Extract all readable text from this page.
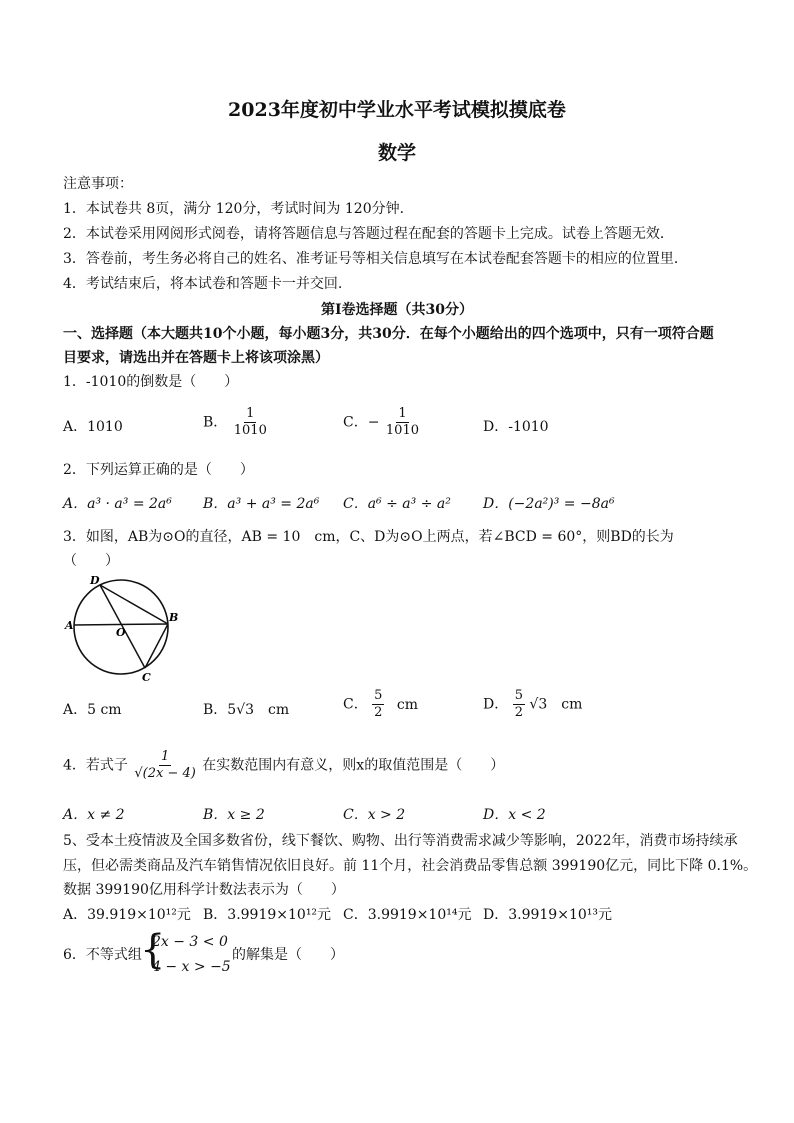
2023年度初中学业水平考试模拟摸底卷
数学
注意事项：
1．本试卷共 8页，满分 120分，考试时间为 120分钟．
2．本试卷采用网阅形式阅卷，请将答题信息与答题过程在配套的答题卡上完成。试卷上答题无效．
3．答卷前，考生务必将自己的姓名、准考证号等相关信息填写在本试卷配套答题卡的相应的位置里．
4．考试结束后，将本试卷和答题卡一并交回.
第Ⅰ卷选择题（共30分）
一、选择题（本大题共10个小题，每小题3分，共30分．在每个小题给出的四个选项中，只有一项符合题
目要求，请选出并在答题卡上将该项涂黑）
1．-1010的倒数是（　　）
A．1010	B． $\frac{1}{1010}$	C．− $\frac{1}{1010}$	D．-1010
2．下列运算正确的是（　　）
A．a³ · a³ = 2a⁶ B．a³ + a³ = 2a⁶ C．a⁶ ÷ a³ ÷ a² D．(−2a²)³ = −8a⁶
3．如图，AB为⊙O的直径，AB = 10　cm，C、D为⊙O上两点，若∠BCD = 60°，则BD的长为
（　　）
A
B
C
D
O
A．5 cm	B．5√3　cm	C． $\frac{5}{2}$ cm	D． $\frac{5}{2} √3$　cm
4．若式子 $\frac{1}{√(2x - 4)}$ 在实数范围内有意义，则x的取值范围是（　　）
A．x ≠ 2	B．x ≥ 2	C．x > 2	D．x < 2
5、受本土疫情波及全国多数省份，线下餐饮、购物、出行等消费需求减少等影响，2022年，消费市场持续承
压，但必需类商品及汽车销售情况依旧良好。前 11个月，社会消费品零售总额 399190亿元，同比下降 0.1%。
数据 399190亿用科学计数法表示为（　　）
A．39.919×10¹²元 B．3.9919×10¹²元 C．3.9919×10¹⁴元 D．3.9919×10¹³元
6．不等式组
{
2x − 3 < 0
4 − x > −5
的解集是（　　）
